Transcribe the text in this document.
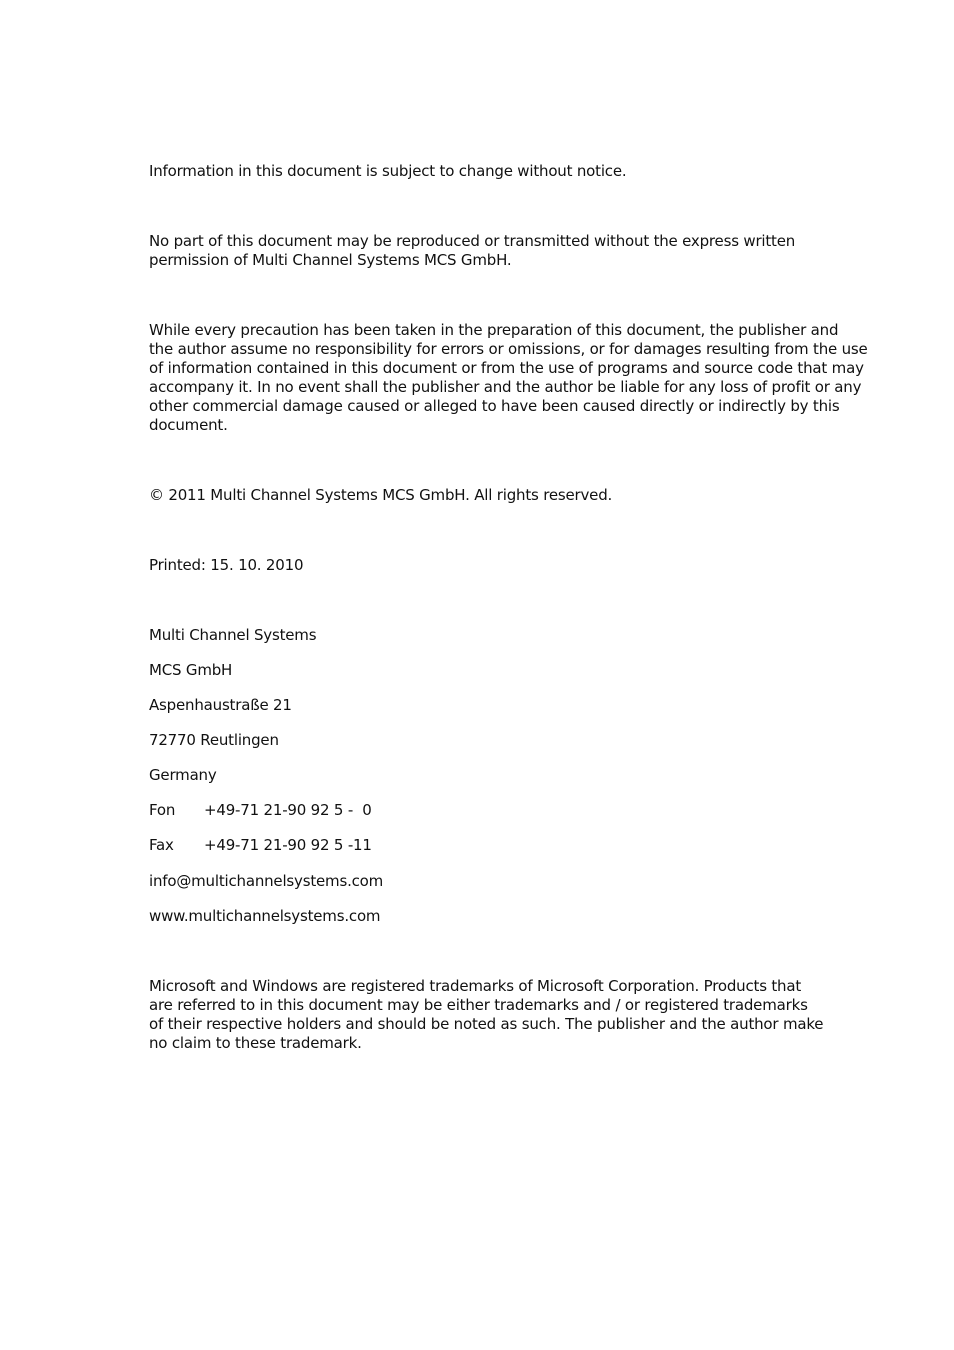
Information in this document is subject to change without notice.

No part of this document may be reproduced or transmitted without the express written
permission of Multi Channel Systems MCS GmbH.

While every precaution has been taken in the preparation of this document, the publisher and
the author assume no responsibility for errors or omissions, or for damages resulting from the use
of information contained in this document or from the use of programs and source code that may
accompany it. In no event shall the publisher and the author be liable for any loss of profit or any
other commercial damage caused or alleged to have been caused directly or indirectly by this
document.

© 2011 Multi Channel Systems MCS GmbH. All rights reserved.

Printed: 15. 10. 2010

Multi Channel Systems

MCS GmbH

Aspenhaustraße 21

72770 Reutlingen

Germany

Fon +49-71 21-90 92 5 -  0

Fax +49-71 21-90 92 5 -11

info@multichannelsystems.com

www.multichannelsystems.com

Microsoft and Windows are registered trademarks of Microsoft Corporation. Products that
are referred to in this document may be either trademarks and / or registered trademarks
of their respective holders and should be noted as such. The publisher and the author make
no claim to these trademark.
